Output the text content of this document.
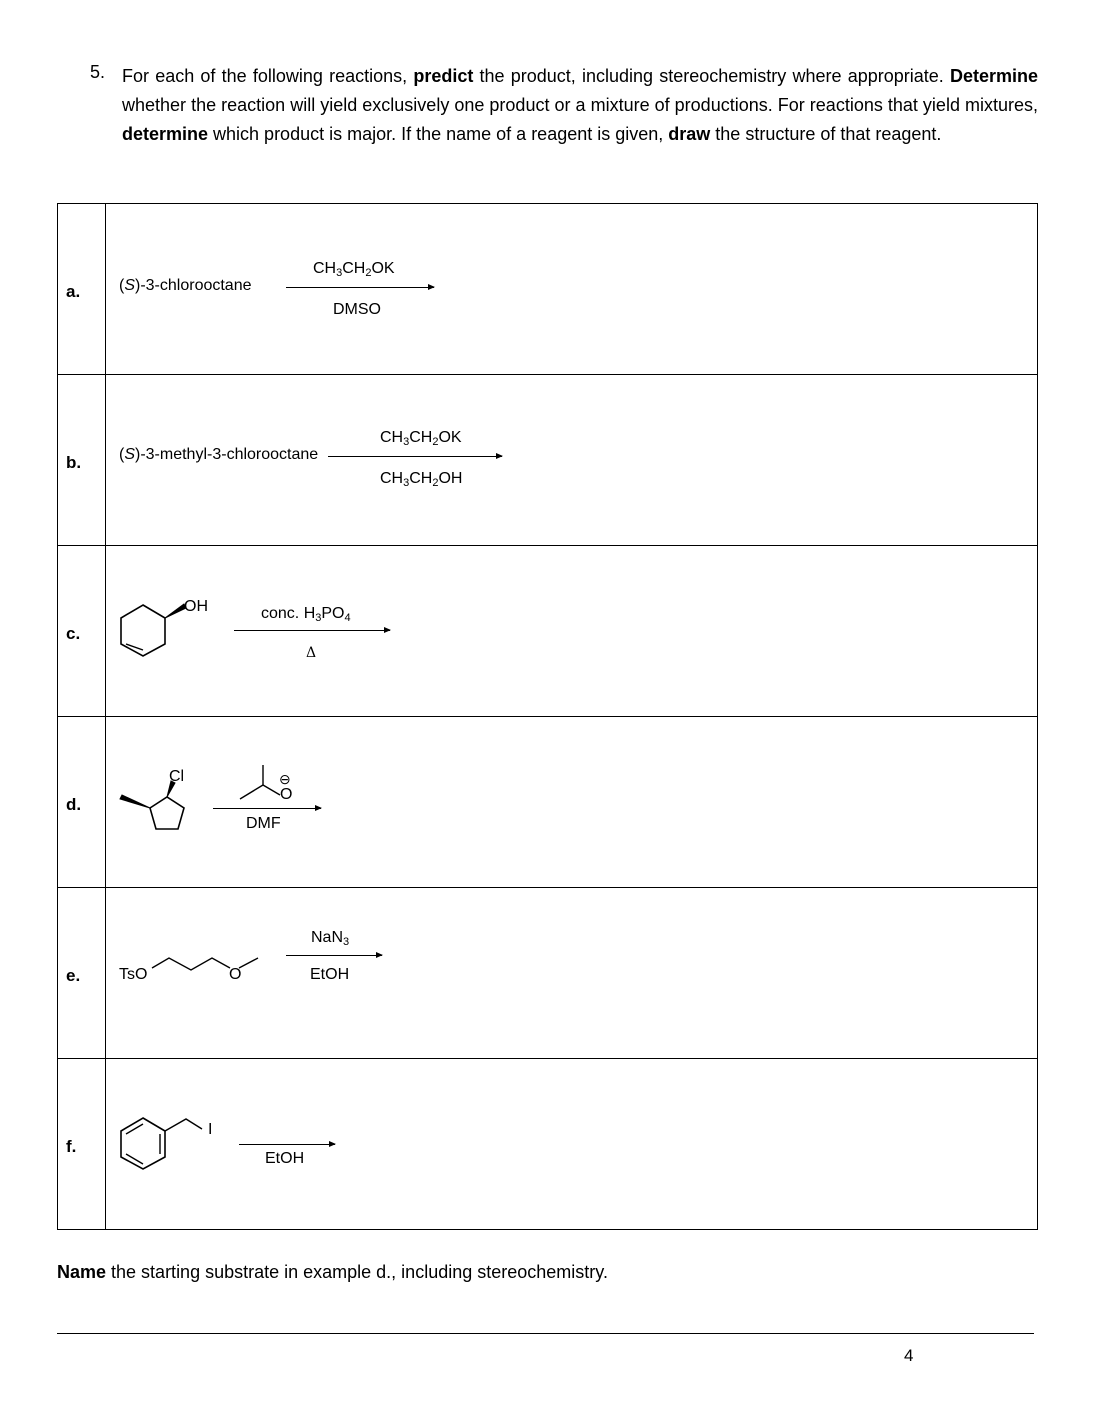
5. For each of the following reactions, predict the product, including stereochemistry where appropriate. Determine whether the reaction will yield exclusively one product or a mixture of productions. For reactions that yield mixtures, determine which product is major. If the name of a reagent is given, draw the structure of that reagent.
a.	(S)-3-chlorooctane
$CH_3CH_2OK$
DMSO

b.	(S)-3-methyl-3-chlorooctane
$CH_3CH_2OK$
$CH_3CH_2OH$

c.	OH conc. $H_3PO_4$
Δ

d.	Cl ⊖
O
DMF

e.	TsO O
NaN$_3$
EtOH

f.	I
EtOH
Name the starting substrate in example d., including stereochemistry.
4
